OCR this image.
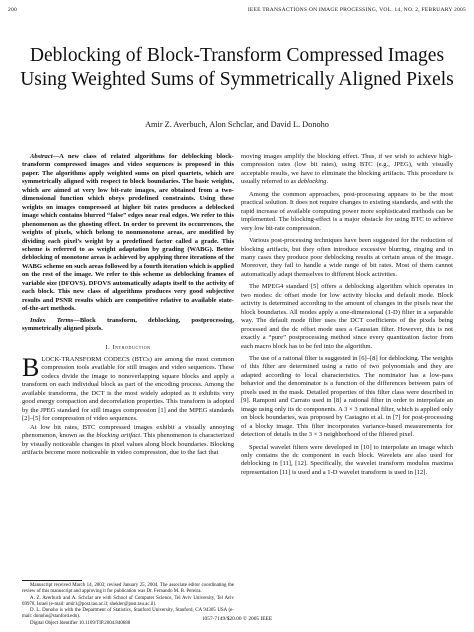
200	IEEE TRANSACTIONS ON IMAGE PROCESSING, VOL. 14, NO. 2, FEBRUARY 2005
Deblocking of Block-Transform Compressed Images Using Weighted Sums of Symmetrically Aligned Pixels
Amir Z. Averbuch, Alon Schclar, and David L. Donoho

Abstract—A new class of related algorithms for deblocking block-transform compressed images and video sequences is proposed in this paper. The algorithms apply weighted sums on pixel quartets, which are symmetrically aligned with respect to block boundaries. The basic weights, which are aimed at very low bit-rate images, are obtained from a two-dimensional function which obeys predefined constraints. Using these weights on images compressed at higher bit rates produces a deblocked image which contains blurred “false” edges near real edges. We refer to this phenomenon as the ghosting effect. In order to prevent its occurrences, the weights of pixels, which belong to nonmonotone areas, are modified by dividing each pixel’s weight by a predefined factor called a grade. This scheme is referred to as weight adaptation by grading (WABG). Better deblocking of monotone areas is achieved by applying three iterations of the WABG scheme on such areas followed by a fourth iteration which is applied on the rest of the image. We refer to this scheme as deblocking frames of variable size (DFOVS). DFOVS automatically adapts itself to the activity of each block. This new class of algorithms produces very good subjective results and PSNR results which are competitive relative to available state-of-the-art methods.

Index Terms—Block transform, deblocking, postprocessing, symmetrically aligned pixels.

I. Introduction

BLOCK-TRANSFORM CODECS (BTCs) are among the most common compression tools available for still images and video sequences. These codecs divide the image to nonoverlapping square blocks and apply a transform on each individual block as part of the encoding process. Among the available transforms, the DCT is the most widely adopted as it exhibits very good energy compaction and decorrelation properties. This transform is adopted by the JPEG standard for still images compression [1] and the MPEG standards [2]–[5] for compression of video sequences.

At low bit rates, BTC compressed images exhibit a visually annoying phenomenon, known as the blocking artifact. This phenomenon is characterized by visually noticeable changes in pixel values along block boundaries. Blocking artifacts become more noticeable in video compression, due to the fact that

Manuscript received March 14, 2003; revised January 25, 2004. The associate editor coordinating the review of this manuscript and approving it for publication was Dr. Fernando M. B. Pereira.

A. Z. Averbuch and A. Schclar are with School of Computer Science, Tel Aviv University, Tel Aviv 69978, Israel (e-mail: amir1@post.tau.ac.il; shekler@post.tau.ac.il).

D. L. Donoho is with the Department of Statistics, Stanford University, Stanford, CA 94305 USA (e-mail: donoho@stanford.edu).

Digital Object Identifier 10.1109/TIP.2004.840688

moving images amplify the blocking effect. Thus, if we wish to achieve high-compression rates (low bit rates), using BTC (e.g., JPEG), with visually acceptable results, we have to eliminate the blocking artifacts. This procedure is usually referred to as deblocking.

Among the common approaches, post-processing appears to be the most practical solution. It does not require changes to existing standards, and with the rapid increase of available computing power more sophisticated methods can be implemented. The blocking-effect is a major obstacle for using BTC to achieve very low bit-rate compression.

Various post-processing techniques have been suggested for the reduction of blocking artifacts, but they often introduce excessive blurring, ringing and in many cases they produce poor deblocking results at certain areas of the image. Moreover, they fail to handle a wide range of bit rates. Most of them cannot automatically adapt themselves to different block activities.

The MPEG4 standard [5] offers a deblocking algorithm which operates in two modes: dc offset mode for low activity blocks and default mode. Block activity is determined according to the amount of changes in the pixels near the block boundaries. All modes apply a one-dimensional (1-D) filter in a separable way. The default mode filter uses the DCT coefficients of the pixels being processed and the dc offset mode uses a Gaussian filter. However, this is not exactly a “pure” postprocessing method since every quantization factor from each macro block has to be fed into the algorithm.

The use of a rational filter is suggested in [6]–[8] for deblocking. The weights of this filter are determined using a ratio of two polynomials and they are adapted according to local characteristics. The nominator has a low-pass behavior and the denominator is a function of the differences between pairs of pixels used in the mask. Detailed properties of this filter class were described in [9]. Ramponi and Carrato used in [8] a rational filter in order to interpolate an image using only its dc components. A 3 × 3 rational filter, which is applied only on block boundaries, was proposed by Castagno et al. in [7] for post-processing of a blocky image. This filter incorporates variance-based measurements for detection of details in the 3 × 3 neighborhood of the filtered pixel.

Special wavelet filters were developed in [10] to interpolate an image which only contains the dc component in each block. Wavelets are also used for deblocking in [11], [12]. Specifically, the wavelet transform modulus maxima representation [11] is used and a 1-D wavelet transform is used in [12].

1057-7149/$20.00 © 2005 IEEE
